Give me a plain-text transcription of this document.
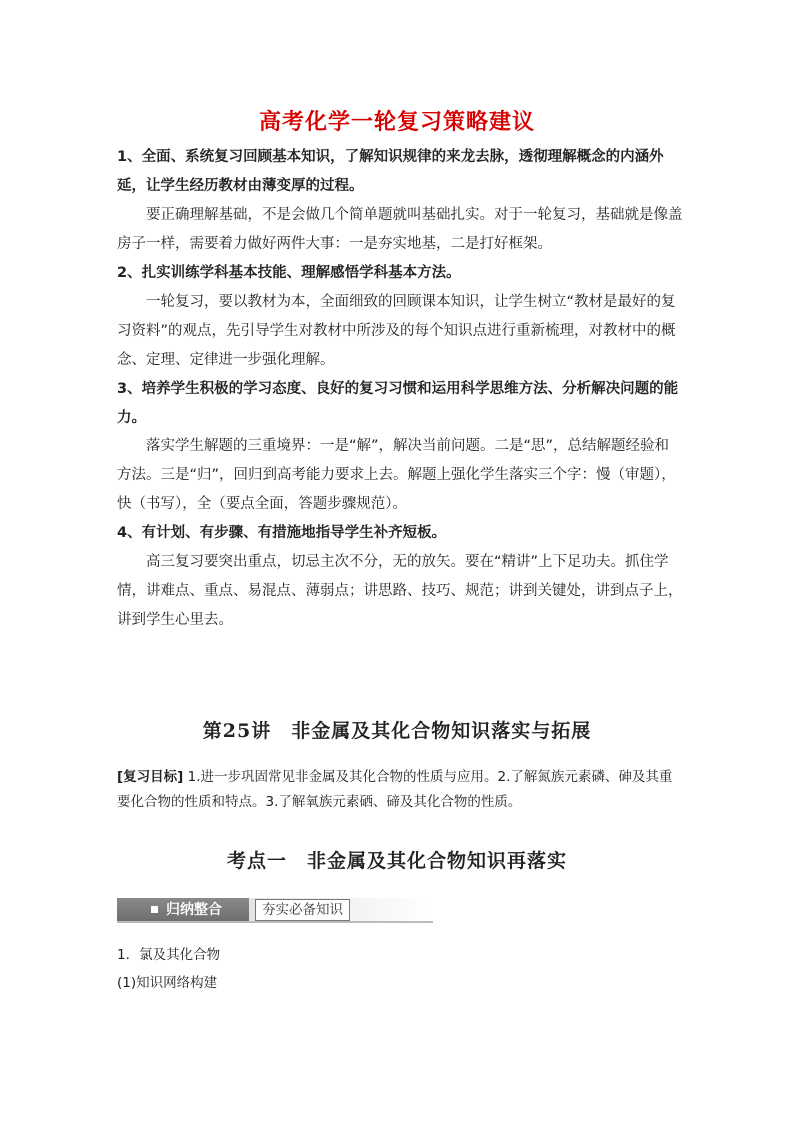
高考化学一轮复习策略建议
1、全面、系统复习回顾基本知识，了解知识规律的来龙去脉，透彻理解概念的内涵外延，让学生经历教材由薄变厚的过程。
要正确理解基础，不是会做几个简单题就叫基础扎实。对于一轮复习，基础就是像盖房子一样，需要着力做好两件大事：一是夯实地基，二是打好框架。
2、扎实训练学科基本技能、理解感悟学科基本方法。
一轮复习，要以教材为本，全面细致的回顾课本知识，让学生树立“教材是最好的复习资料”的观点，先引导学生对教材中所涉及的每个知识点进行重新梳理，对教材中的概念、定理、定律进一步强化理解。
3、培养学生积极的学习态度、良好的复习习惯和运用科学思维方法、分析解决问题的能力。
落实学生解题的三重境界：一是“解”，解决当前问题。二是“思”，总结解题经验和方法。三是“归”，回归到高考能力要求上去。解题上强化学生落实三个字：慢（审题），快（书写），全（要点全面，答题步骤规范）。
4、有计划、有步骤、有措施地指导学生补齐短板。
高三复习要突出重点，切忌主次不分，无的放矢。要在“精讲”上下足功夫。抓住学情，讲难点、重点、易混点、薄弱点；讲思路、技巧、规范；讲到关键处，讲到点子上，讲到学生心里去。
第25讲　非金属及其化合物知识落实与拓展
[复习目标] 1.进一步巩固常见非金属及其化合物的性质与应用。2.了解氮族元素磷、砷及其重要化合物的性质和特点。3.了解氧族元素硒、碲及其化合物的性质。
考点一　非金属及其化合物知识再落实
归纳整合	夯实必备知识
1．氯及其化合物
(1)知识网络构建
